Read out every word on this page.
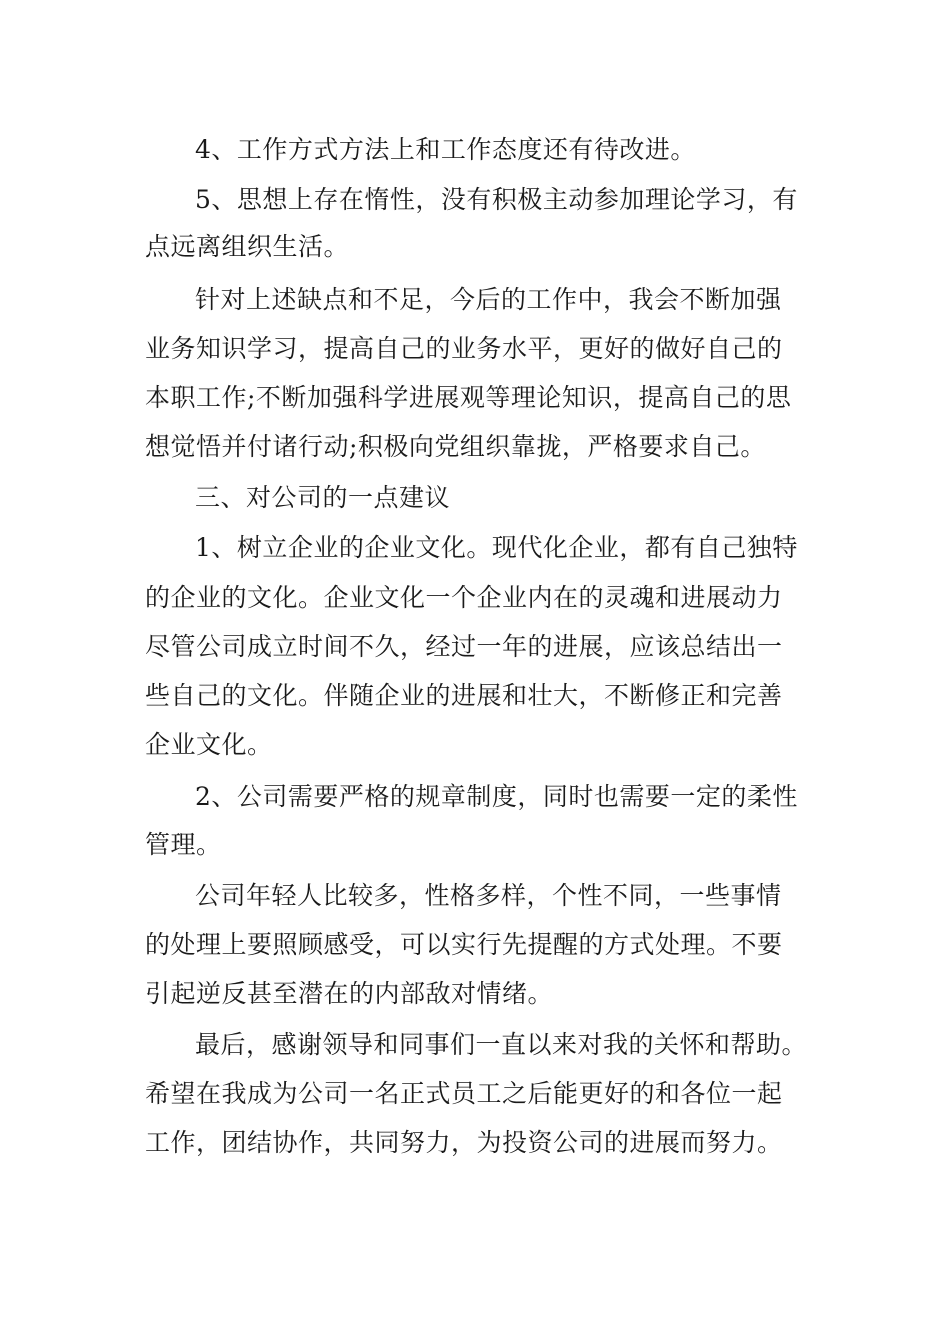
4、工作方式方法上和工作态度还有待改进。
5、思想上存在惰性，没有积极主动参加理论学习，有
点远离组织生活。
针对上述缺点和不足，今后的工作中，我会不断加强
业务知识学习，提高自己的业务水平，更好的做好自己的
本职工作;不断加强科学进展观等理论知识，提高自己的思
想觉悟并付诸行动;积极向党组织靠拢，严格要求自己。
三、对公司的一点建议
1、树立企业的企业文化。现代化企业，都有自己独特
的企业的文化。企业文化一个企业内在的灵魂和进展动力
尽管公司成立时间不久，经过一年的进展，应该总结出一
些自己的文化。伴随企业的进展和壮大，不断修正和完善
企业文化。
2、公司需要严格的规章制度，同时也需要一定的柔性
管理。
公司年轻人比较多，性格多样，个性不同，一些事情
的处理上要照顾感受，可以实行先提醒的方式处理。不要
引起逆反甚至潜在的内部敌对情绪。
最后，感谢领导和同事们一直以来对我的关怀和帮助。
希望在我成为公司一名正式员工之后能更好的和各位一起
工作，团结协作，共同努力，为投资公司的进展而努力。
